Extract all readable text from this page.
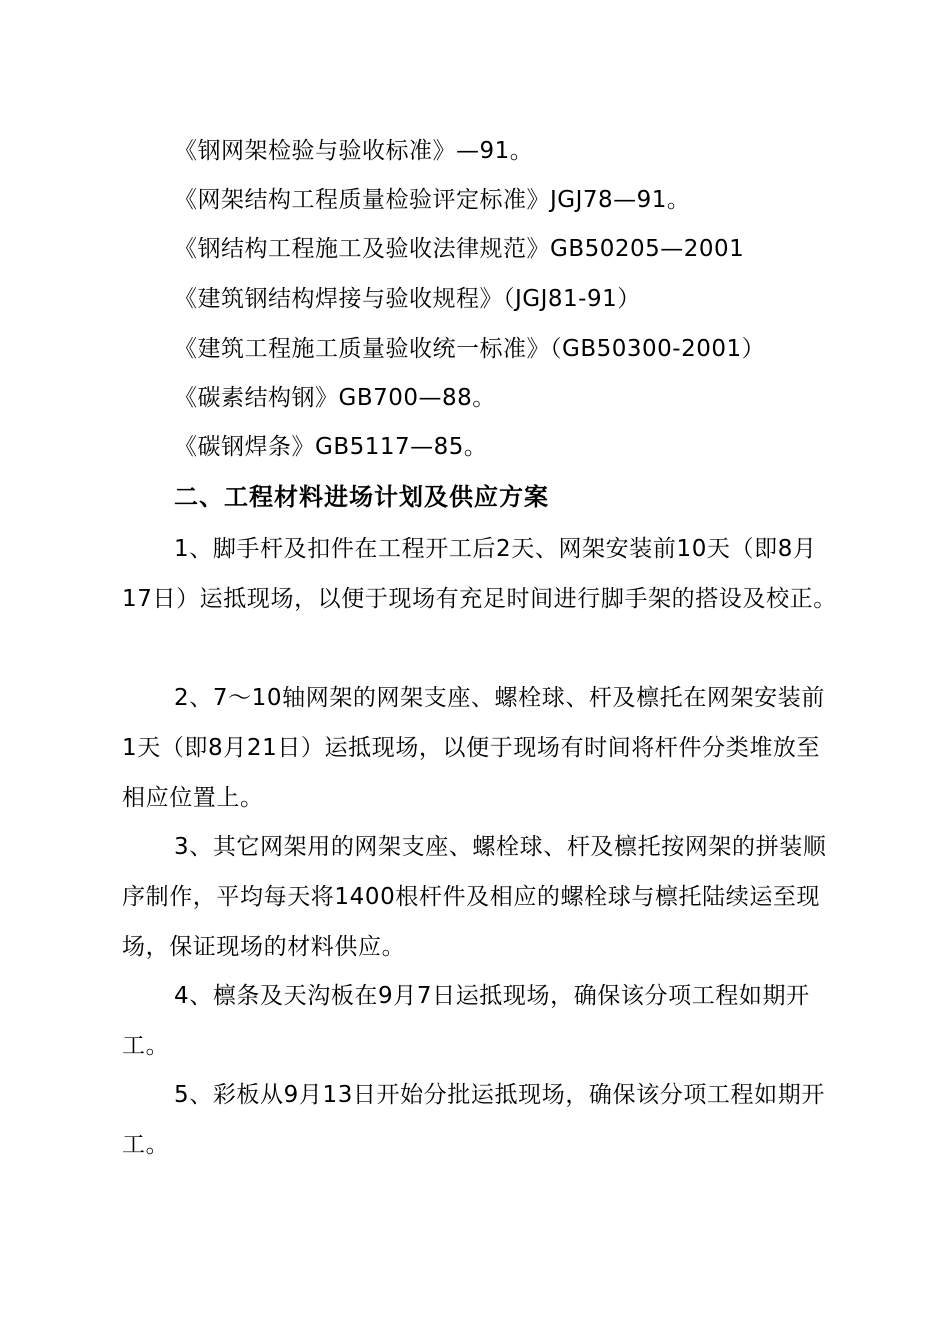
《钢网架检验与验收标准》—91。
《网架结构工程质量检验评定标准》JGJ78—91。
《钢结构工程施工及验收法律规范》GB50205—2001
《建筑钢结构焊接与验收规程》（JGJ81-91）
《建筑工程施工质量验收统一标准》（GB50300-2001）
《碳素结构钢》GB700—88。
《碳钢焊条》GB5117—85。
二、工程材料进场计划及供应方案

1、脚手杆及扣件在工程开工后2天、网架安装前10天（即8月17日）运抵现场，以便于现场有充足时间进行脚手架的搭设及校正。

2、7～10轴网架的网架支座、螺栓球、杆及檩托在网架安装前1天（即8月21日）运抵现场，以便于现场有时间将杆件分类堆放至相应位置上。

3、其它网架用的网架支座、螺栓球、杆及檩托按网架的拼装顺序制作，平均每天将1400根杆件及相应的螺栓球与檩托陆续运至现场，保证现场的材料供应。

4、檩条及天沟板在9月7日运抵现场，确保该分项工程如期开工。

5、彩板从9月13日开始分批运抵现场，确保该分项工程如期开工。
